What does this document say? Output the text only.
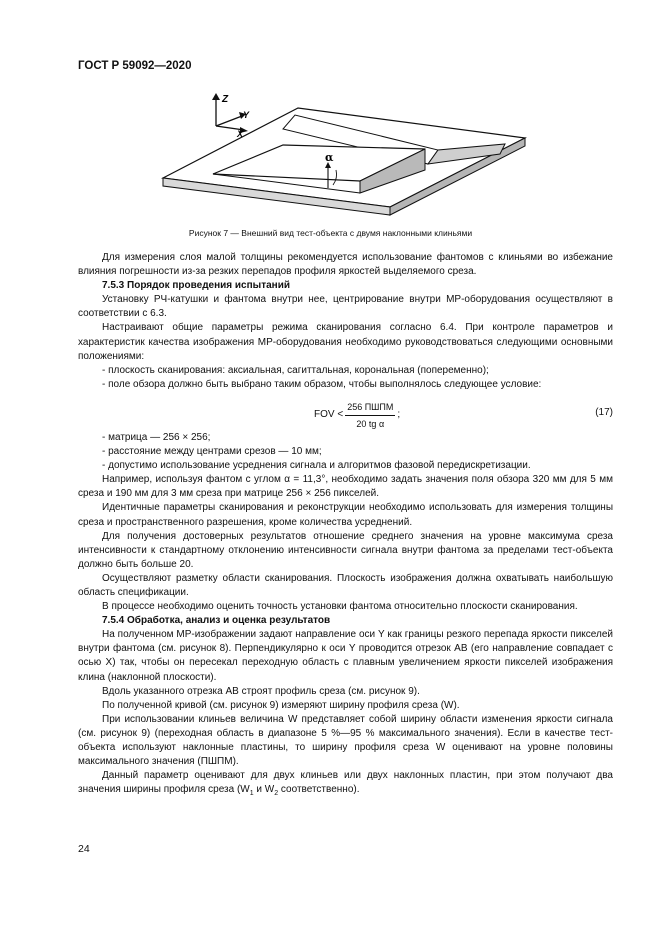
ГОСТ Р 59092—2020
Z
Y
X
α
Рисунок 7 — Внешний вид тест-объекта с двумя наклонными клиньями

Для измерения слоя малой толщины рекомендуется использование фантомов с клиньями во избежание влияния погрешности из-за резких перепадов профиля яркостей выделяемого среза.

7.5.3 Порядок проведения испытаний

Установку РЧ-катушки и фантома внутри нее, центрирование внутри МР-оборудования осуществляют в соответствии с 6.3.

Настраивают общие параметры режима сканирования согласно 6.4. При контроле параметров и характеристик качества изображения МР-оборудования необходимо руководствоваться следующими основными положениями:

- плоскость сканирования: аксиальная, сагиттальная, корональная (попеременно);

- поле обзора должно быть выбрано таким образом, чтобы выполнялось следующее условие:

FOV < $\frac{\text{256 ПШПМ}}{\text{20 tg α}}$ ;	(17)

- матрица — 256 × 256;

- расстояние между центрами срезов — 10 мм;

- допустимо использование усреднения сигнала и алгоритмов фазовой передискретизации.

Например, используя фантом с углом α = 11,3°, необходимо задать значения поля обзора 320 мм для 5 мм среза и 190 мм для 3 мм среза при матрице 256 × 256 пикселей.

Идентичные параметры сканирования и реконструкции необходимо использовать для измерения толщины среза и пространственного разрешения, кроме количества усреднений.

Для получения достоверных результатов отношение среднего значения на уровне максимума среза интенсивности к стандартному отклонению интенсивности сигнала внутри фантома за пределами тест-объекта должно быть больше 20.

Осуществляют разметку области сканирования. Плоскость изображения должна охватывать наибольшую область спецификации.

В процессе необходимо оценить точность установки фантома относительно плоскости сканирования.

7.5.4 Обработка, анализ и оценка результатов

На полученном МР-изображении задают направление оси Y как границы резкого перепада яркости пикселей внутри фантома (см. рисунок 8). Перпендикулярно к оси Y проводится отрезок АВ (его направление совпадает с осью X) так, чтобы он пересекал переходную область с плавным увеличением яркости пикселей изображения клина (наклонной плоскости).

Вдоль указанного отрезка АВ строят профиль среза (см. рисунок 9).

По полученной кривой (см. рисунок 9) измеряют ширину профиля среза (W).

При использовании клиньев величина W представляет собой ширину области изменения яркости сигнала (см. рисунок 9) (переходная область в диапазоне 5 %—95 % максимального значения). Если в качестве тест-объекта используют наклонные пластины, то ширину профиля среза W оценивают на уровне половины максимального значения (ПШПМ).

Данный параметр оценивают для двух клиньев или двух наклонных пластин, при этом получают два значения ширины профиля среза ($W_1$ и $W_2$ соответственно).

24
